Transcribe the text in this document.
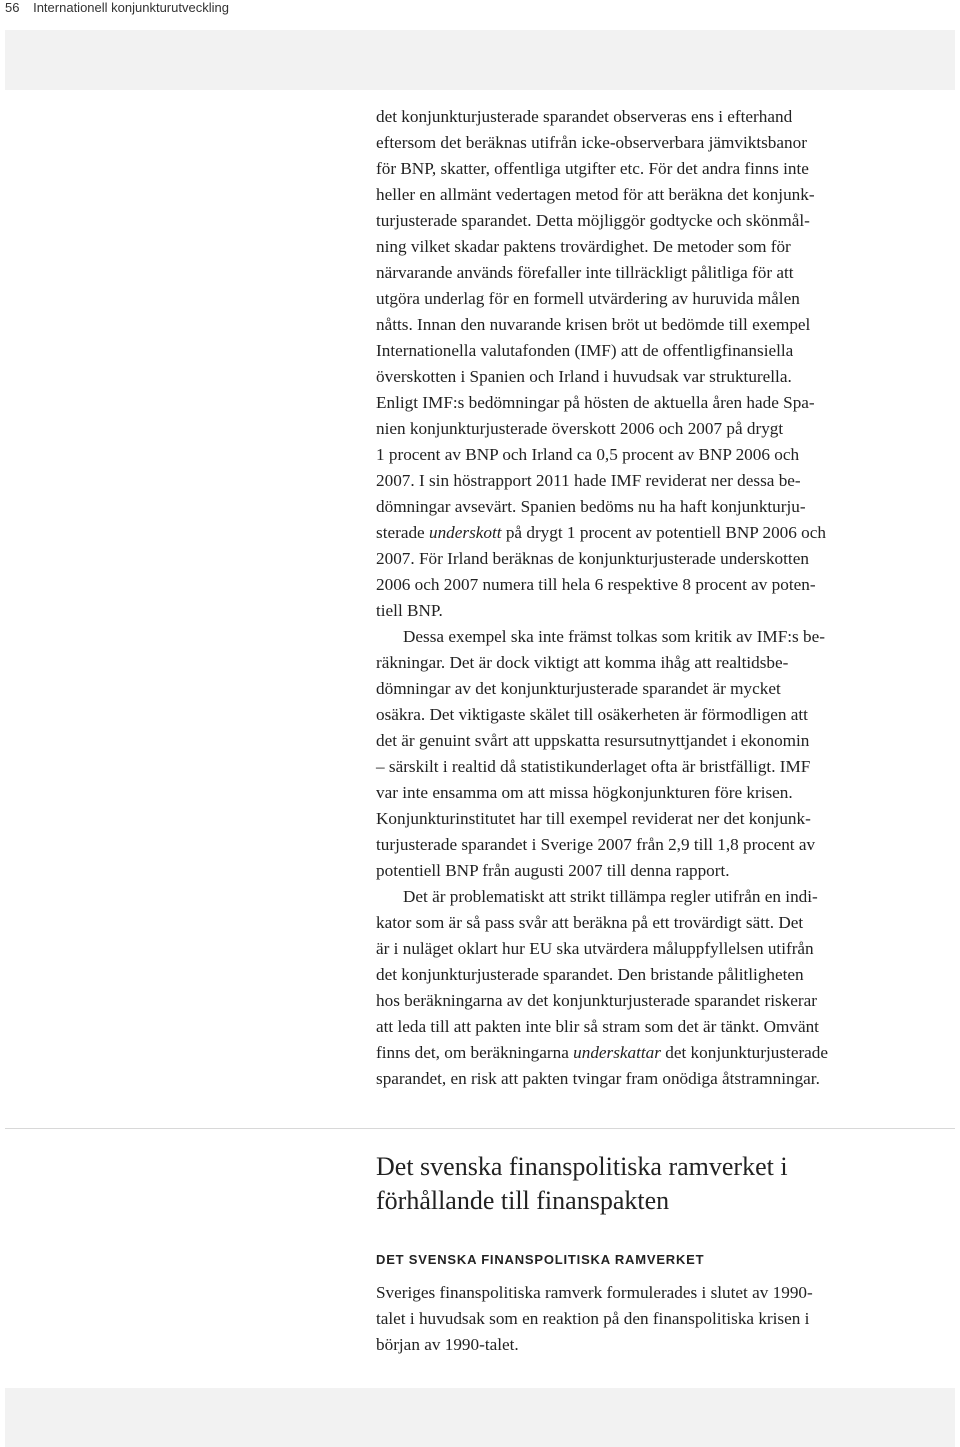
56 Internationell konjunkturutveckling
det konjunkturjusterade sparandet observeras ens i efterhand
eftersom det beräknas utifrån icke-observerbara jämviktsbanor
för BNP, skatter, offentliga utgifter etc. För det andra finns inte
heller en allmänt vedertagen metod för att beräkna det konjunk-
turjusterade sparandet. Detta möjliggör godtycke och skönmål-
ning vilket skadar paktens trovärdighet. De metoder som för
närvarande används förefaller inte tillräckligt pålitliga för att
utgöra underlag för en formell utvärdering av huruvida målen
nåtts. Innan den nuvarande krisen bröt ut bedömde till exempel
Internationella valutafonden (IMF) att de offentligfinansiella
överskotten i Spanien och Irland i huvudsak var strukturella.
Enligt IMF:s bedömningar på hösten de aktuella åren hade Spa-
nien konjunkturjusterade överskott 2006 och 2007 på drygt
1 procent av BNP och Irland ca 0,5 procent av BNP 2006 och
2007. I sin höstrapport 2011 hade IMF reviderat ner dessa be-
dömningar avsevärt. Spanien bedöms nu ha haft konjunkturju-
sterade underskott på drygt 1 procent av potentiell BNP 2006 och
2007. För Irland beräknas de konjunkturjusterade underskotten
2006 och 2007 numera till hela 6 respektive 8 procent av poten-
tiell BNP.
Dessa exempel ska inte främst tolkas som kritik av IMF:s be-
räkningar. Det är dock viktigt att komma ihåg att realtidsbe-
dömningar av det konjunkturjusterade sparandet är mycket
osäkra. Det viktigaste skälet till osäkerheten är förmodligen att
det är genuint svårt att uppskatta resursutnyttjandet i ekonomin
– särskilt i realtid då statistikunderlaget ofta är bristfälligt. IMF
var inte ensamma om att missa högkonjunkturen före krisen.
Konjunkturinstitutet har till exempel reviderat ner det konjunk-
turjusterade sparandet i Sverige 2007 från 2,9 till 1,8 procent av
potentiell BNP från augusti 2007 till denna rapport.
Det är problematiskt att strikt tillämpa regler utifrån en indi-
kator som är så pass svår att beräkna på ett trovärdigt sätt. Det
är i nuläget oklart hur EU ska utvärdera måluppfyllelsen utifrån
det konjunkturjusterade sparandet. Den bristande pålitligheten
hos beräkningarna av det konjunkturjusterade sparandet riskerar
att leda till att pakten inte blir så stram som det är tänkt. Omvänt
finns det, om beräkningarna underskattar det konjunkturjusterade
sparandet, en risk att pakten tvingar fram onödiga åtstramningar.
Det svenska finanspolitiska ramverket i
förhållande till finanspakten
DET SVENSKA FINANSPOLITISKA RAMVERKET
Sveriges finanspolitiska ramverk formulerades i slutet av 1990-
talet i huvudsak som en reaktion på den finanspolitiska krisen i
början av 1990-talet.
